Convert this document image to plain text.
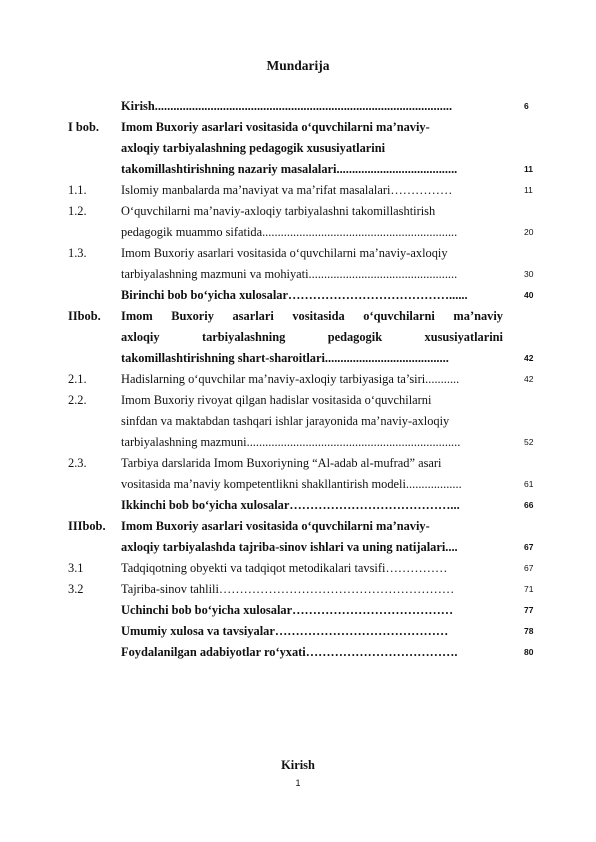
Mundarija
Kirish................................................................................................	6
I bob. Imom Buxoriy asarlari vositasida o‘quvchilarni ma’naviy-
axloqiy tarbiyalashning pedagogik xususiyatlarini
takomillashtirishning nazariy masalalari.......................................	11
1.1.	Islomiy manbalarda ma’naviyat va ma’rifat masalalari……………	11
1.2.	O‘quvchilarni ma’naviy-axloqiy tarbiyalashni takomillashtirish
pedagogik muammo sifatida...............................................................	20
1.3.	Imom Buxoriy asarlari vositasida o‘quvchilarni ma’naviy-axloqiy
tarbiyalashning mazmuni va mohiyati................................................	30
Birinchi bob bo‘yicha xulosalar…………………………………......	40
IIbob. Imom Buxoriy asarlari vositasida o‘quvchilarni ma’naviy
axloqiy tarbiyalashning pedagogik xususiyatlarini
takomillashtirishning shart-sharoitlari........................................	42
2.1.	Hadislarning o‘quvchilar ma’naviy-axloqiy tarbiyasiga ta’siri...........	42
2.2.	Imom Buxoriy rivoyat qilgan hadislar vositasida o‘quvchilarni
sinfdan va maktabdan tashqari ishlar jarayonida ma’naviy-axloqiy
tarbiyalashning mazmuni.....................................................................	52
2.3.	Tarbiya darslarida Imom Buxoriyning “Al-adab al-mufrad” asari
vositasida ma’naviy kompetentlikni shakllantirish modeli..................	61
Ikkinchi bob bo‘yicha xulosalar…………………………………...	66
IIIbob. Imom Buxoriy asarlari vositasida o‘quvchilarni ma’naviy-
axloqiy tarbiyalashda tajriba-sinov ishlari va uning natijalari....	67
3.1	Tadqiqotning obyekti va tadqiqot metodikalari tavsifi……………	67
3.2	Tajriba-sinov tahlili…………………………………………………	71
Uchinchi bob bo‘yicha xulosalar…………………………………	77
Umumiy xulosa va tavsiyalar……………………………………	78
Foydalanilgan adabiyotlar ro‘yxati……………………………….	80
Kirish
1
